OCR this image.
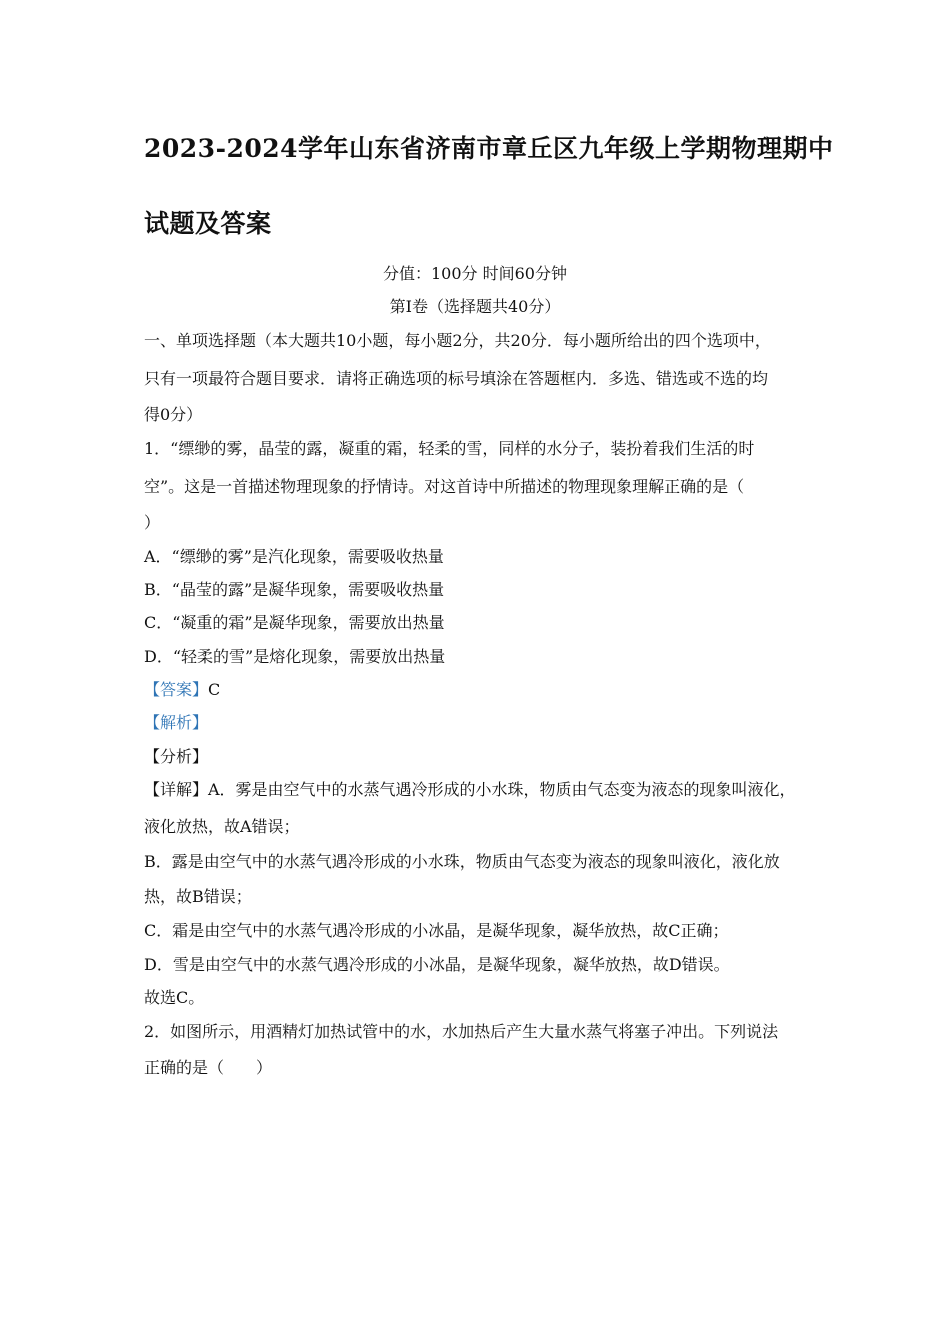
2023-2024学年山东省济南市章丘区九年级上学期物理期中
试题及答案
分值：100分 时间60分钟
第Ⅰ卷（选择题共40分）
一、单项选择题（本大题共10小题，每小题2分，共20分．每小题所给出的四个选项中，
只有一项最符合题目要求．请将正确选项的标号填涂在答题框内．多选、错选或不选的均
得0分）
1．“缥缈的雾，晶莹的露，凝重的霜，轻柔的雪，同样的水分子，装扮着我们生活的时
空”。这是一首描述物理现象的抒情诗。对这首诗中所描述的物理现象理解正确的是（
）
A．“缥缈的雾”是汽化现象，需要吸收热量
B．“晶莹的露”是凝华现象，需要吸收热量
C．“凝重的霜”是凝华现象，需要放出热量
D．“轻柔的雪”是熔化现象，需要放出热量
【答案】C
【解析】
【分析】
【详解】A．雾是由空气中的水蒸气遇冷形成的小水珠，物质由气态变为液态的现象叫液化，
液化放热，故A错误；
B．露是由空气中的水蒸气遇冷形成的小水珠，物质由气态变为液态的现象叫液化，液化放
热，故B错误；
C．霜是由空气中的水蒸气遇冷形成的小冰晶，是凝华现象，凝华放热，故C正确；
D．雪是由空气中的水蒸气遇冷形成的小冰晶，是凝华现象，凝华放热，故D错误。
故选C。
2．如图所示，用酒精灯加热试管中的水，水加热后产生大量水蒸气将塞子冲出。下列说法
正确的是（　　）
